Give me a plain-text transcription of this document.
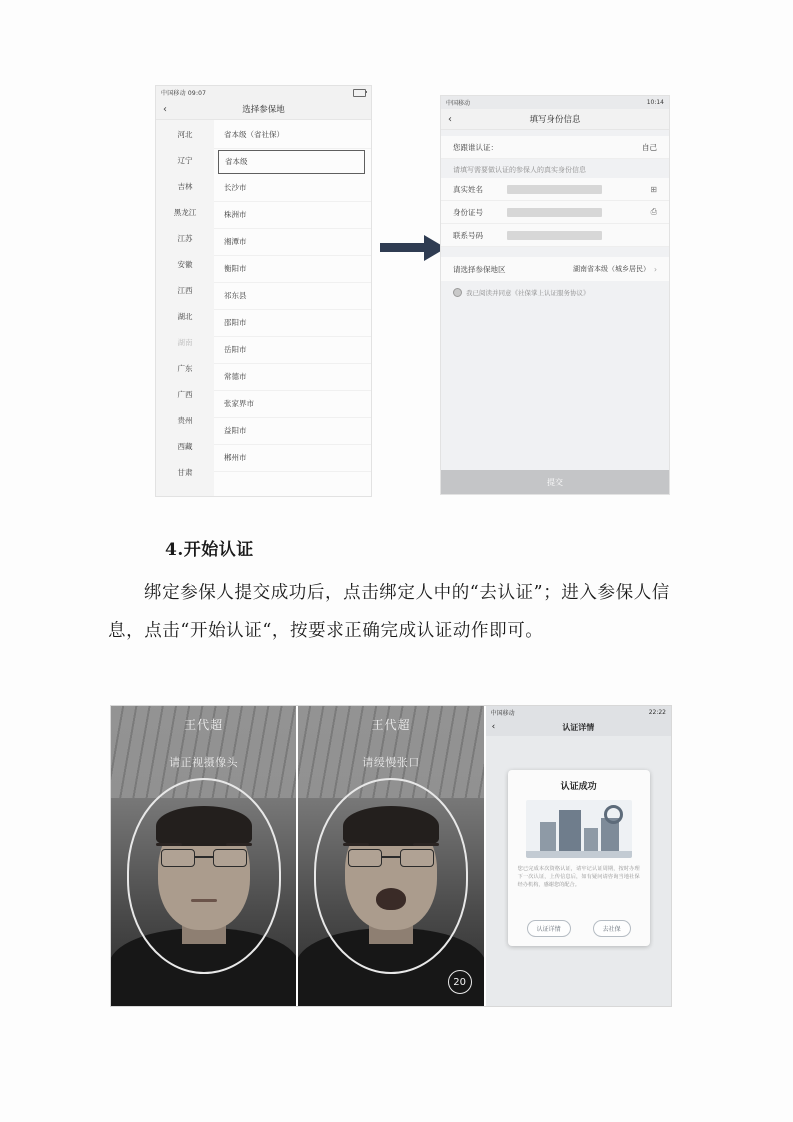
中国移动 09:07
‹	选择参保地
河北
辽宁
吉林
黑龙江
江苏
安徽
江西
湖北
湖南
广东
广西
贵州
西藏
甘肃
省本级（省社保）
省本级
长沙市
株洲市
湘潭市
衡阳市
祁东县
邵阳市
岳阳市
常德市
张家界市
益阳市
郴州市
中国移动	10:14
‹	填写身份信息
您跟谁认证：	自己
请填写需要做认证的参保人的真实身份信息
真实姓名	⊞
身份证号	⎙
联系号码
请选择参保地区	湖南省本级（城乡居民） ›
我已阅读并同意《社保掌上认证服务协议》
提交
4.开始认证

绑定参保人提交成功后，点击绑定人中的“去认证”；进入参保人信息，点击“开始认证“，按要求正确完成认证动作即可。

王代超
请正视摄像头
王代超
请缓慢张口
20
中国移动	22:22
‹	认证详情
认证成功
您已完成本次资格认证，请牢记认证周期，按时办理下一次认证，上传信息后，如有疑问请咨询当地社保经办机构，感谢您的配合。
认证详情	去社保
